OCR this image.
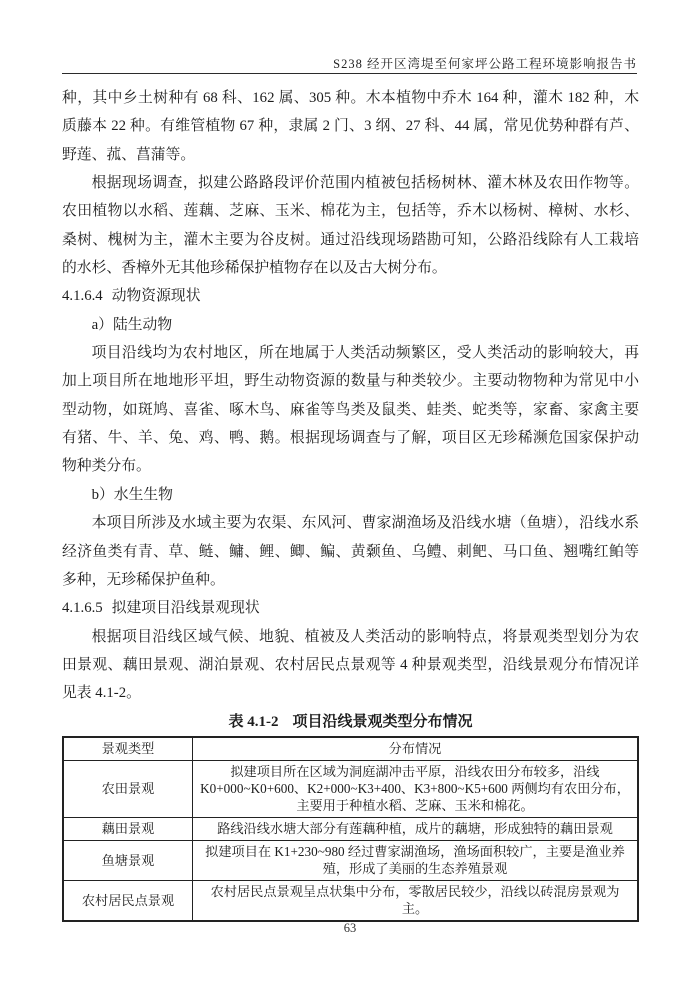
S238 经开区湾堤至何家坪公路工程环境影响报告书

种，其中乡土树种有 68 科、162 属、305 种。木本植物中乔木 164 种，灌木 182 种，木质藤本 22 种。有维管植物 67 种，隶属 2 门、3 纲、27 科、44 属，常见优势种群有芦、野莲、菰、菖蒲等。

根据现场调查，拟建公路路段评价范围内植被包括杨树林、灌木林及农田作物等。农田植物以水稻、莲藕、芝麻、玉米、棉花为主，包括等，乔木以杨树、樟树、水杉、桑树、槐树为主，灌木主要为谷皮树。通过沿线现场踏勘可知，公路沿线除有人工栽培的水杉、香樟外无其他珍稀保护植物存在以及古大树分布。

4.1.6.4 动物资源现状

a）陆生动物

项目沿线均为农村地区，所在地属于人类活动频繁区，受人类活动的影响较大，再加上项目所在地地形平坦，野生动物资源的数量与种类较少。主要动物物种为常见中小型动物，如斑鸠、喜雀、啄木鸟、麻雀等鸟类及鼠类、蛙类、蛇类等，家畜、家禽主要有猪、牛、羊、兔、鸡、鸭、鹅。根据现场调查与了解，项目区无珍稀濒危国家保护动物种类分布。

b）水生生物

本项目所涉及水域主要为农渠、东风河、曹家湖渔场及沿线水塘（鱼塘），沿线水系经济鱼类有青、草、鲢、鳙、鲤、鲫、鳊、黄颡鱼、乌鳢、刺鲃、马口鱼、翘嘴红鲌等多种，无珍稀保护鱼种。

4.1.6.5 拟建项目沿线景观现状

根据项目沿线区域气候、地貌、植被及人类活动的影响特点，将景观类型划分为农田景观、藕田景观、湖泊景观、农村居民点景观等 4 种景观类型，沿线景观分布情况详见表 4.1-2。

表 4.1-2 项目沿线景观类型分布情况

景观类型	分布情况
农田景观	拟建项目所在区域为洞庭湖冲击平原，沿线农田分布较多，沿线K0+000~K0+600、K2+000~K3+400、K3+800~K5+600 两侧均有农田分布，主要用于种植水稻、芝麻、玉米和棉花。
藕田景观	路线沿线水塘大部分有莲藕种植，成片的藕塘，形成独特的藕田景观
鱼塘景观	拟建项目在 K1+230~980 经过曹家湖渔场，渔场面积较广，主要是渔业养殖，形成了美丽的生态养殖景观
农村居民点景观	农村居民点景观呈点状集中分布，零散居民较少，沿线以砖混房景观为主。
63
